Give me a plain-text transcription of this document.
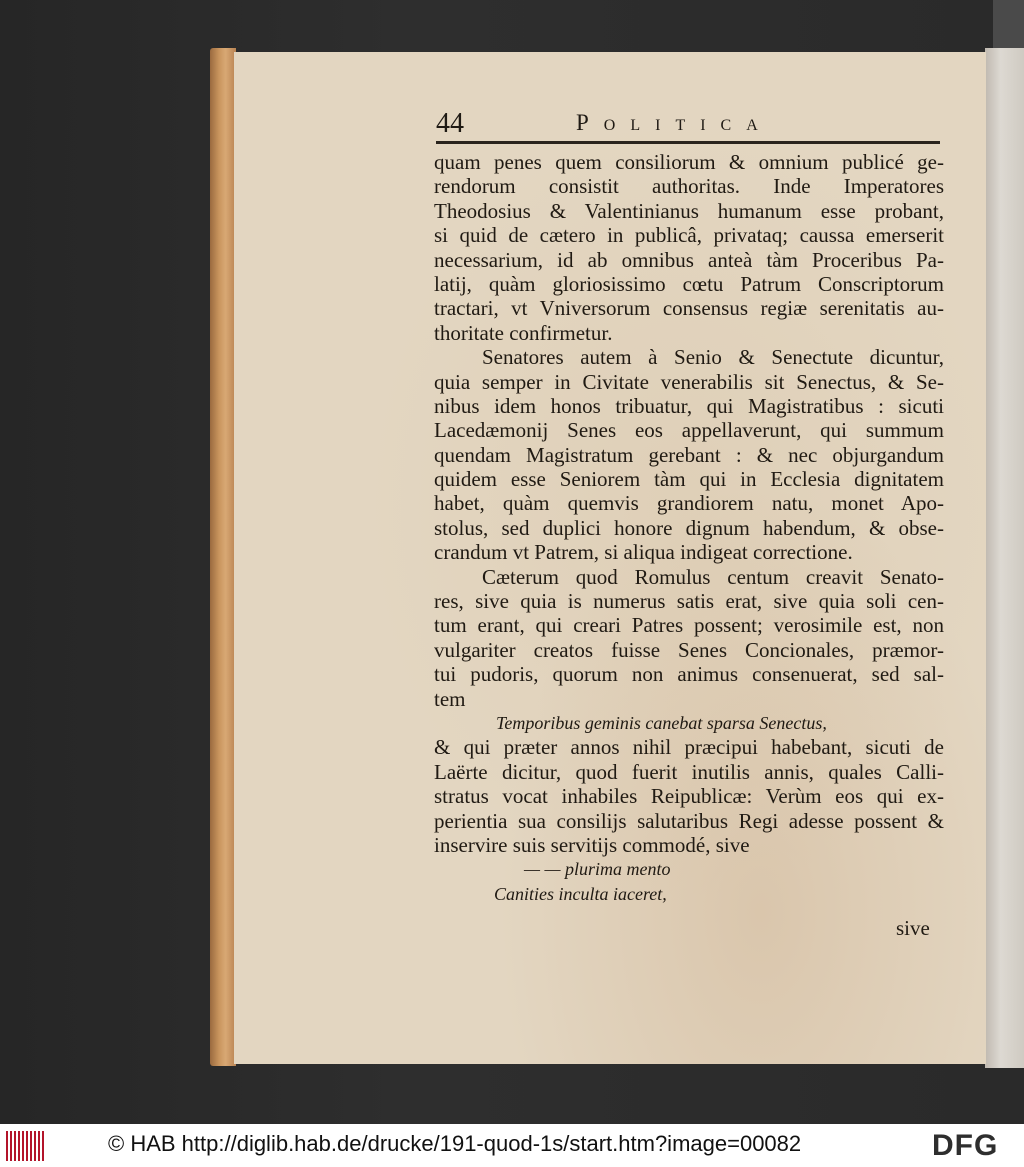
44	Politica
quam penes quem consiliorum & omnium publicé ge-
rendorum consistit authoritas. Inde Imperatores
Theodosius & Valentinianus humanum esse probant,
si quid de cætero in publicâ, privataq; caussa emerserit
necessarium, id ab omnibus anteà tàm Proceribus Pa-
latij, quàm gloriosissimo cœtu Patrum Conscriptorum
tractari, vt Vniversorum consensus regiæ serenitatis au-
thoritate confirmetur.
Senatores autem à Senio & Senectute dicuntur,
quia semper in Civitate venerabilis sit Senectus, & Se-
nibus idem honos tribuatur, qui Magistratibus : sicuti
Lacedæmonij Senes eos appellaverunt, qui summum
quendam Magistratum gerebant : & nec objurgandum
quidem esse Seniorem tàm qui in Ecclesia dignitatem
habet, quàm quemvis grandiorem natu, monet Apo-
stolus, sed duplici honore dignum habendum, & obse-
crandum vt Patrem, si aliqua indigeat correctione.
Cæterum quod Romulus centum creavit Senato-
res, sive quia is numerus satis erat, sive quia soli cen-
tum erant, qui creari Patres possent; verosimile est, non
vulgariter creatos fuisse Senes Concionales, præmor-
tui pudoris, quorum non animus consenuerat, sed sal-
tem
Temporibus geminis canebat sparsa Senectus,
& qui præter annos nihil præcipui habebant, sicuti de
Laërte dicitur, quod fuerit inutilis annis, quales Calli-
stratus vocat inhabiles Reipublicæ: Verùm eos qui ex-
perientia sua consilijs salutaribus Regi adesse possent &
inservire suis servitijs commodé, sive
— — plurima mento
Canities inculta iaceret,
sive
© HAB http://diglib.hab.de/drucke/191-quod-1s/start.htm?image=00082	DFG
